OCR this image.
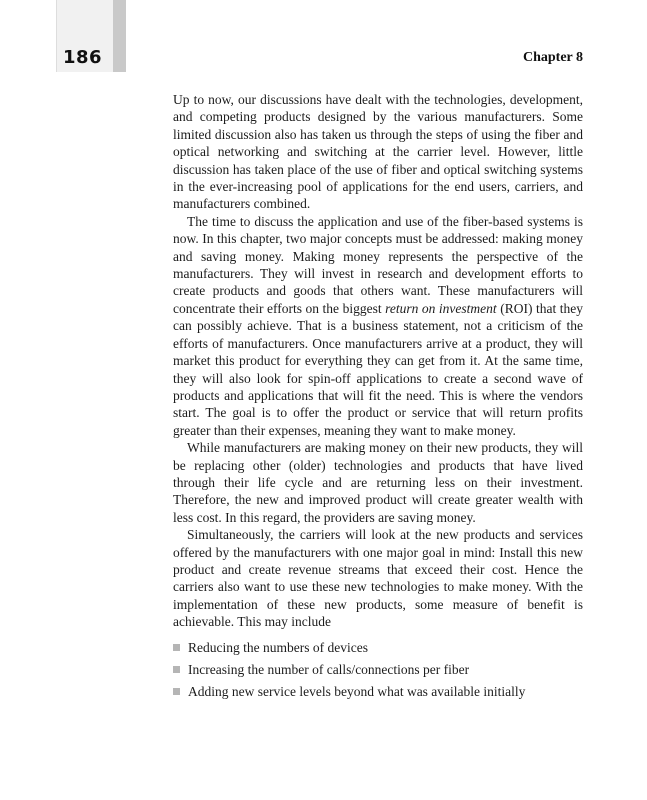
186	Chapter 8

Up to now, our discussions have dealt with the technologies, development, and competing products designed by the various manufacturers. Some limited discussion also has taken us through the steps of using the fiber and optical networking and switching at the carrier level. However, little discussion has taken place of the use of fiber and optical switching systems in the ever-increasing pool of applications for the end users, carriers, and manufacturers combined.

The time to discuss the application and use of the fiber-based systems is now. In this chapter, two major concepts must be addressed: making money and saving money. Making money represents the perspective of the manufacturers. They will invest in research and development efforts to create products and goods that others want. These manufacturers will concentrate their efforts on the biggest return on investment (ROI) that they can possibly achieve. That is a business statement, not a criticism of the efforts of manufacturers. Once manufacturers arrive at a product, they will market this product for everything they can get from it. At the same time, they will also look for spin-off applications to create a second wave of products and applications that will fit the need. This is where the vendors start. The goal is to offer the product or service that will return profits greater than their expenses, meaning they want to make money.

While manufacturers are making money on their new products, they will be replacing other (older) technologies and products that have lived through their life cycle and are returning less on their investment. Therefore, the new and improved product will create greater wealth with less cost. In this regard, the providers are saving money.

Simultaneously, the carriers will look at the new products and services offered by the manufacturers with one major goal in mind: Install this new product and create revenue streams that exceed their cost. Hence the carriers also want to use these new technologies to make money. With the implementation of these new products, some measure of benefit is achievable. This may include

Reducing the numbers of devices
Increasing the number of calls/connections per fiber
Adding new service levels beyond what was available initially
